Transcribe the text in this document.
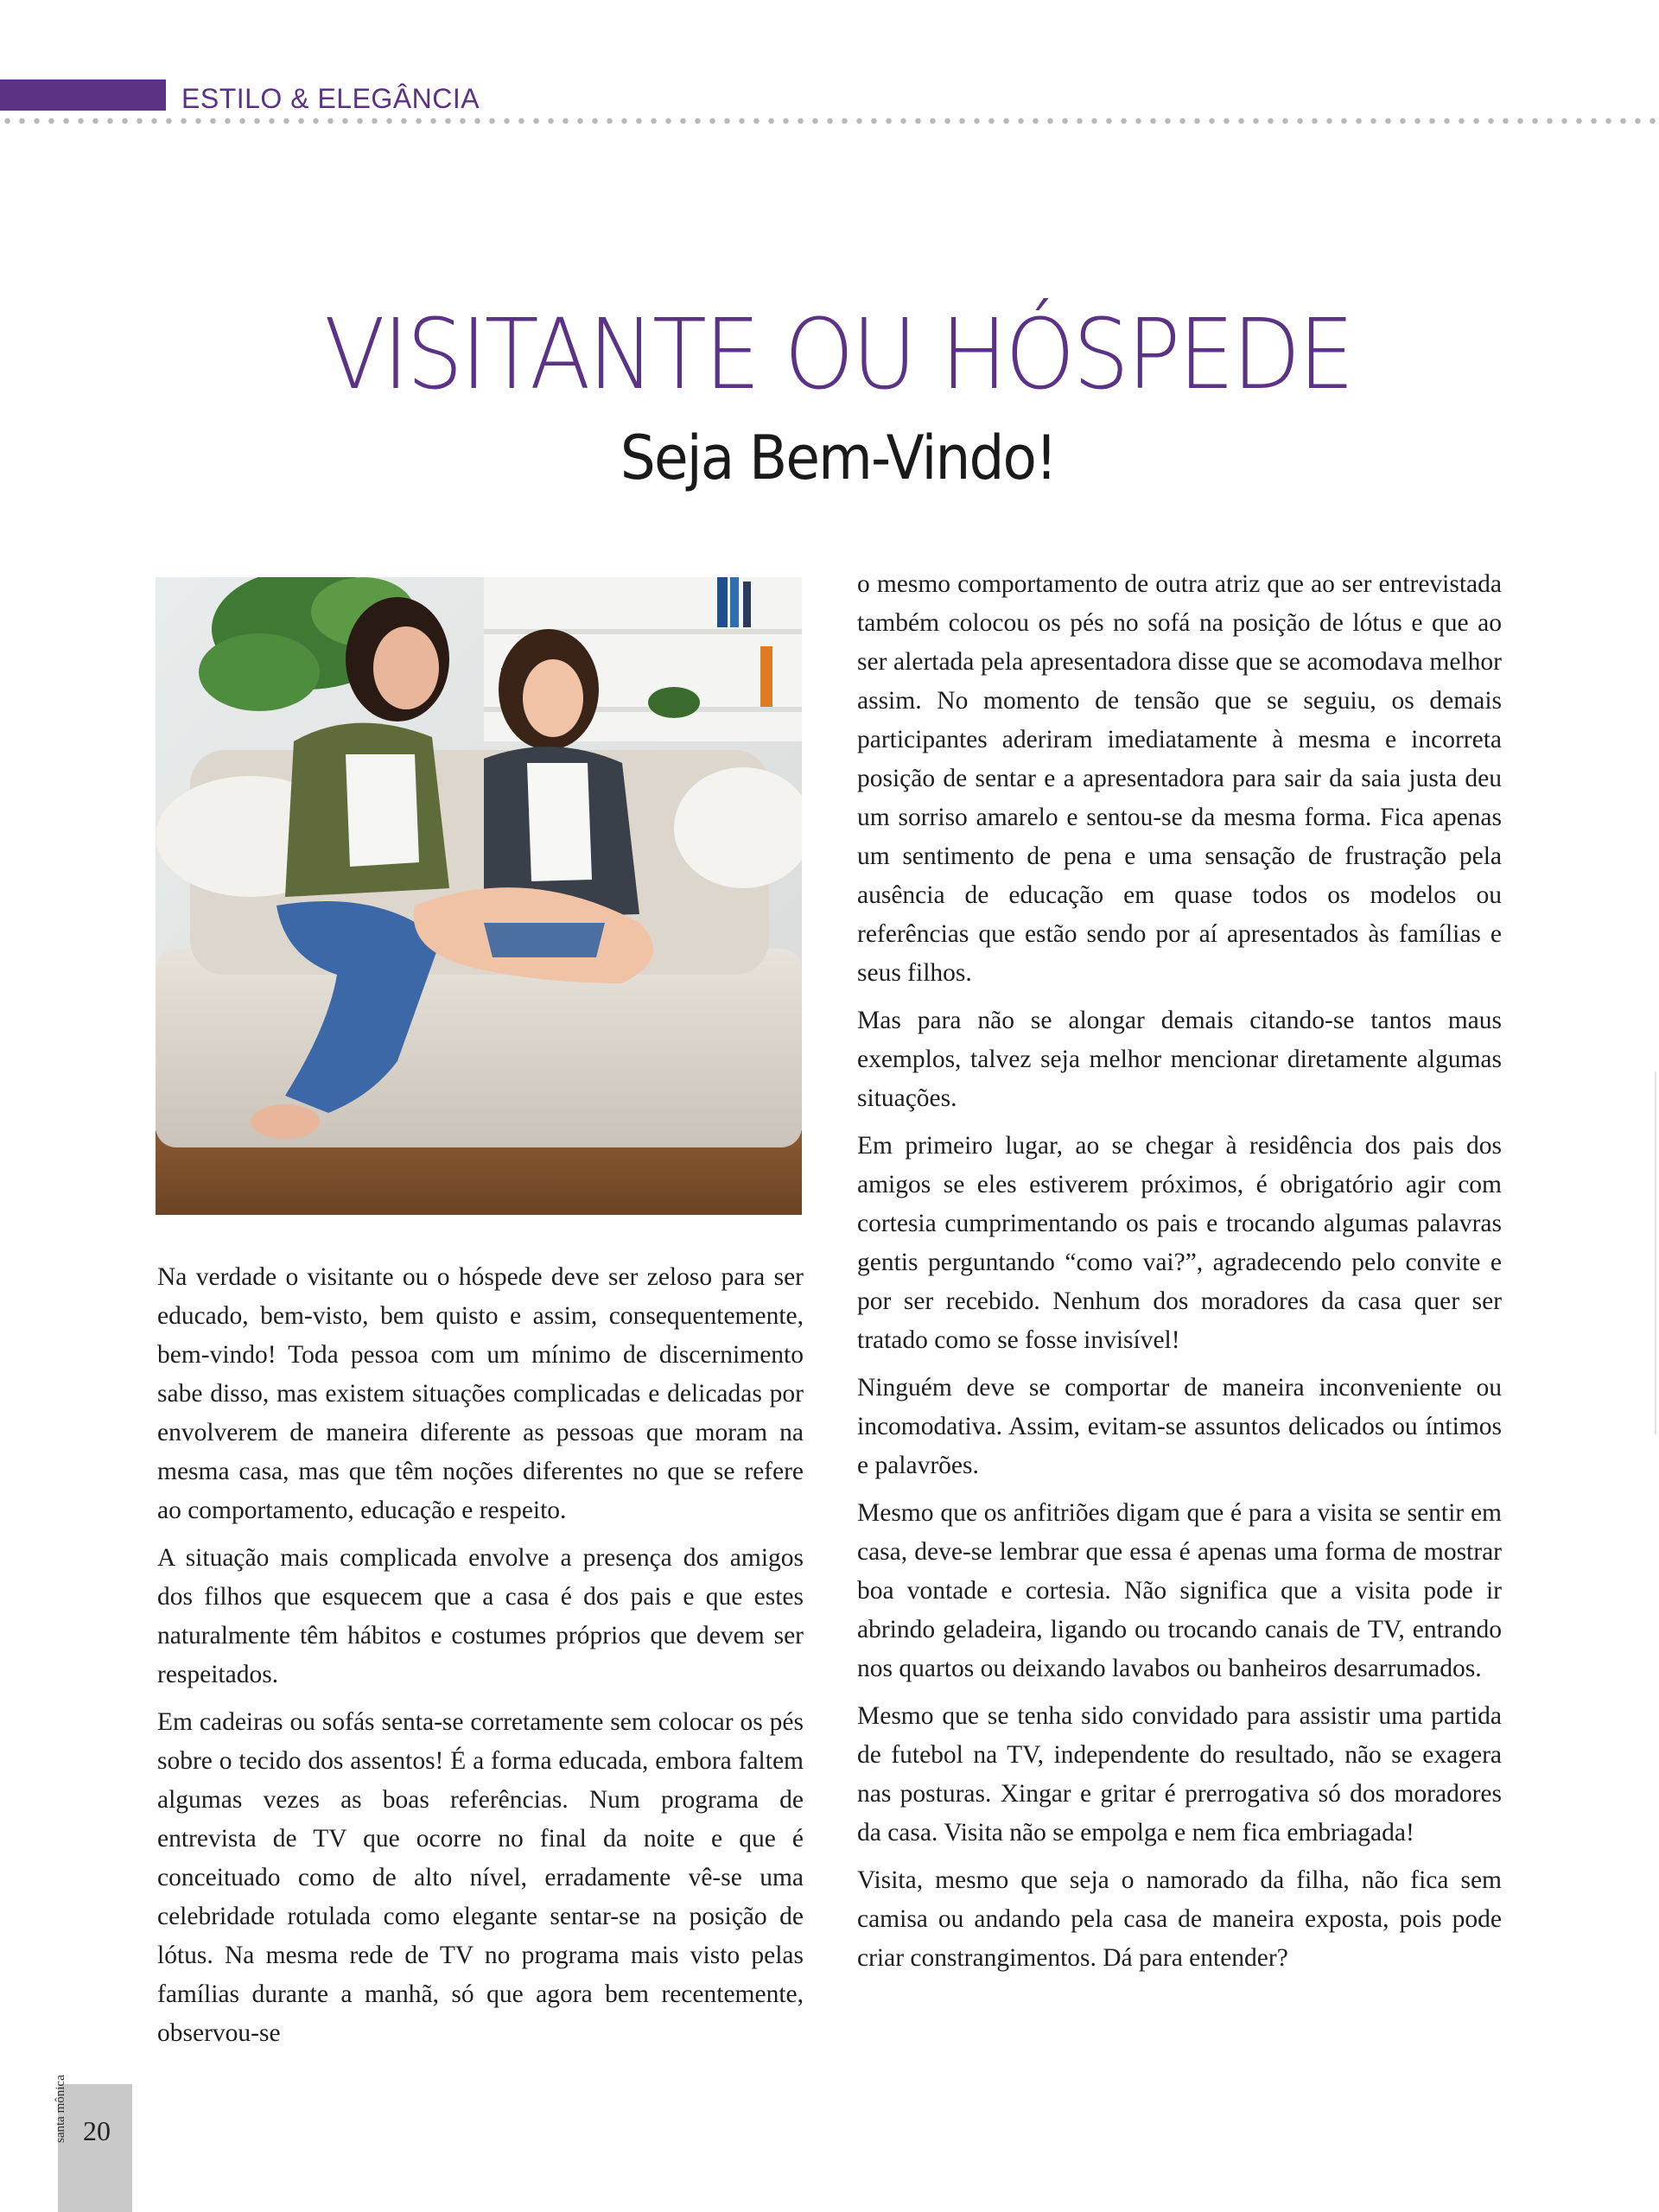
ESTILO & ELEGÂNCIA
VISITANTE OU HÓSPEDE
Seja Bem-Vindo!

Na verdade o visitante ou o hóspede deve ser zeloso para ser educado, bem-visto, bem quisto e assim, consequentemente, bem-vindo! Toda pessoa com um mínimo de discernimento sabe disso, mas existem situações complicadas e delicadas por envolverem de maneira diferente as pessoas que moram na mesma casa, mas que têm noções diferentes no que se refere ao comportamento, educação e respeito.

A situação mais complicada envolve a presença dos amigos dos filhos que esquecem que a casa é dos pais e que estes naturalmente têm hábitos e costumes próprios que devem ser respeitados.

Em cadeiras ou sofás senta-se corretamente sem colocar os pés sobre o tecido dos assentos! É a forma educada, embora faltem algumas vezes as boas referências. Num programa de entrevista de TV que ocorre no final da noite e que é conceituado como de alto nível, erradamente vê-se uma celebridade rotulada como elegante sentar-se na posição de lótus. Na mesma rede de TV no programa mais visto pelas famílias durante a manhã, só que agora bem recentemente, observou-se

o mesmo comportamento de outra atriz que ao ser entrevistada também colocou os pés no sofá na posição de lótus e que ao ser alertada pela apresentadora disse que se acomodava melhor assim. No momento de tensão que se seguiu, os demais participantes aderiram imediatamente à mesma e incorreta posição de sentar e a apresentadora para sair da saia justa deu um sorriso amarelo e sentou-se da mesma forma. Fica apenas um sentimento de pena e uma sensação de frustração pela ausência de educação em quase todos os modelos ou referências que estão sendo por aí apresentados às famílias e seus filhos.

Mas para não se alongar demais citando-se tantos maus exemplos, talvez seja melhor mencionar diretamente algumas situações.

Em primeiro lugar, ao se chegar à residência dos pais dos amigos se eles estiverem próximos, é obrigatório agir com cortesia cumprimentando os pais e trocando algumas palavras gentis perguntando “como vai?”, agradecendo pelo convite e por ser recebido. Nenhum dos moradores da casa quer ser tratado como se fosse invisível!

Ninguém deve se comportar de maneira inconveniente ou incomodativa. Assim, evitam-se assuntos delicados ou íntimos e palavrões.

Mesmo que os anfitriões digam que é para a visita se sentir em casa, deve-se lembrar que essa é apenas uma forma de mostrar boa vontade e cortesia. Não significa que a visita pode ir abrindo geladeira, ligando ou trocando canais de TV, entrando nos quartos ou deixando lavabos ou banheiros desarrumados.

Mesmo que se tenha sido convidado para assistir uma partida de futebol na TV, independente do resultado, não se exagera nas posturas. Xingar e gritar é prerrogativa só dos moradores da casa. Visita não se empolga e nem fica embriagada!

Visita, mesmo que seja o namorado da filha, não fica sem camisa ou andando pela casa de maneira exposta, pois pode criar constrangimentos. Dá para entender?

santa mônica 20
